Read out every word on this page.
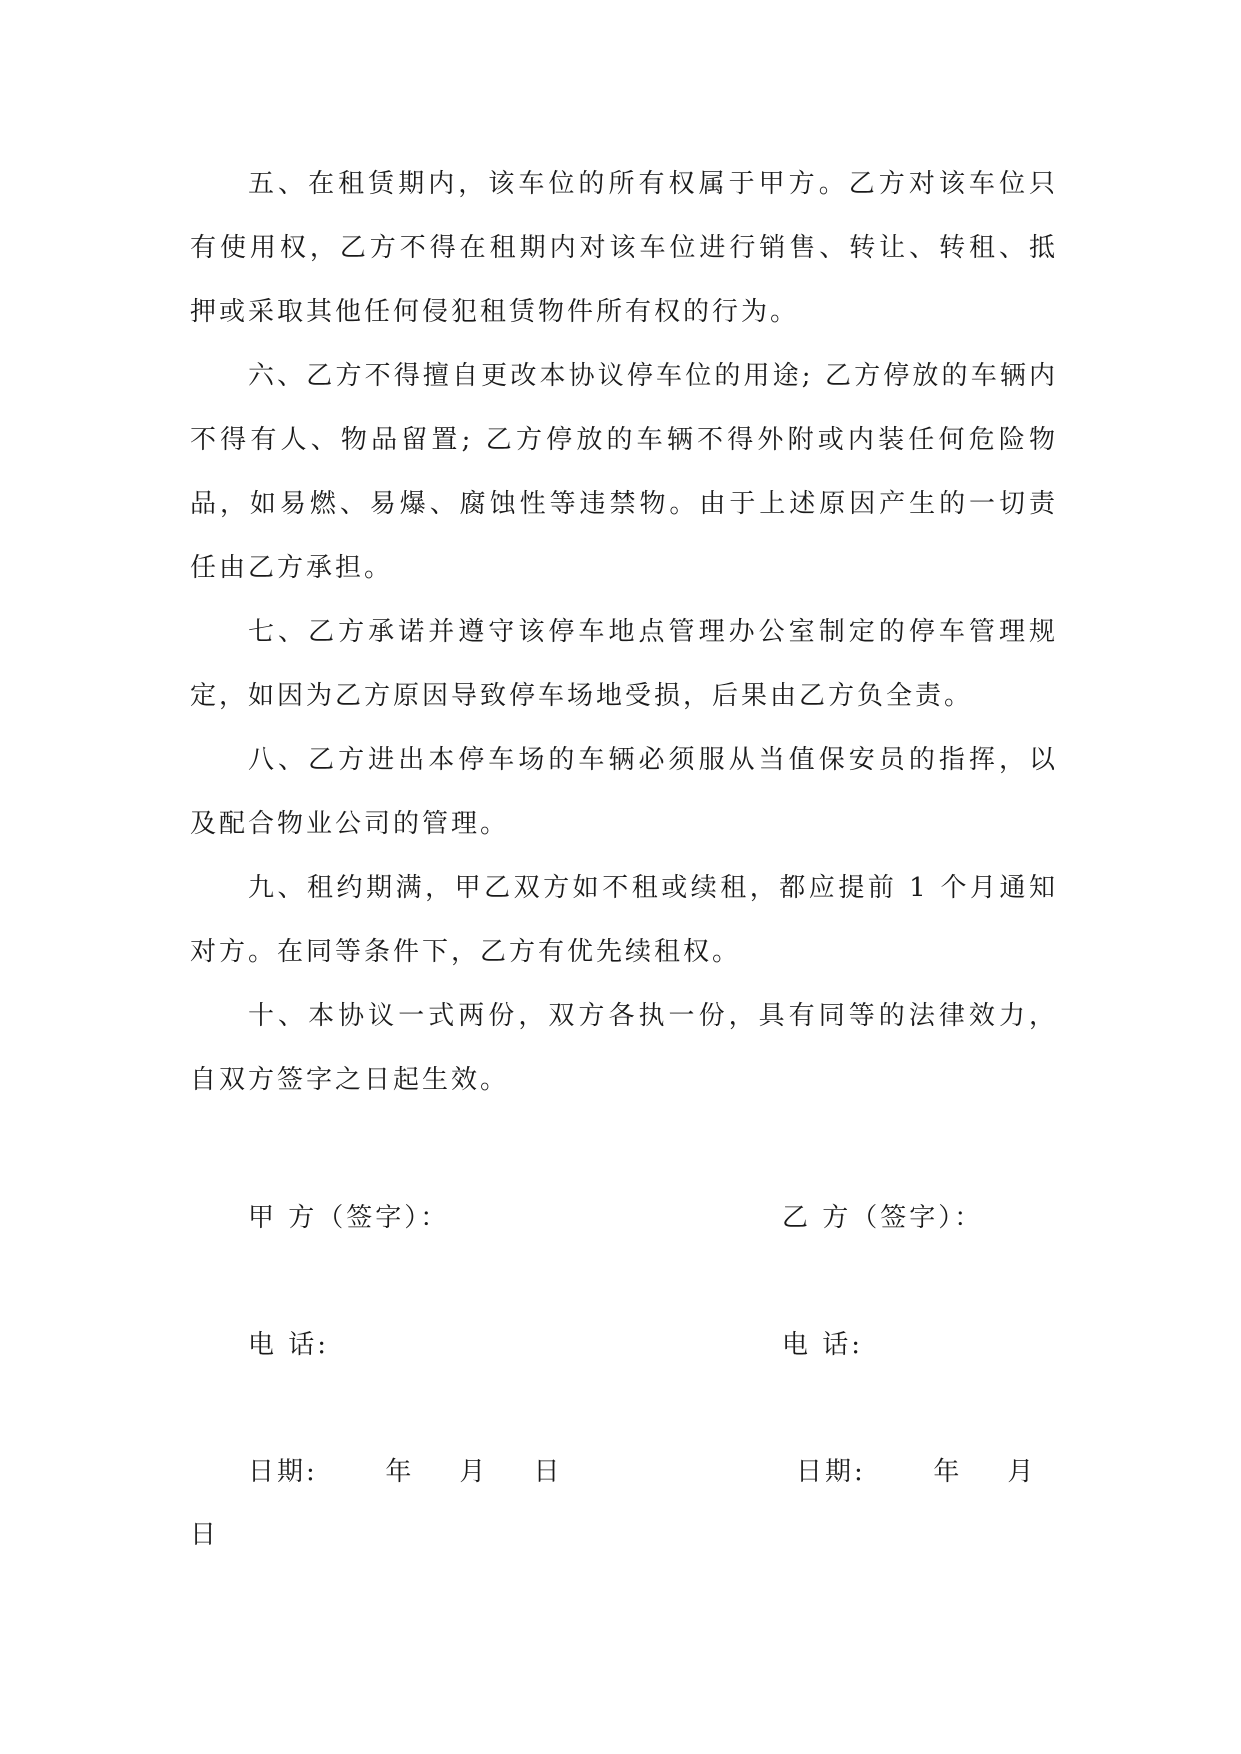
五、在租赁期内，该车位的所有权属于甲方。乙方对该车位只有使用权，乙方不得在租期内对该车位进行销售、转让、转租、抵押或采取其他任何侵犯租赁物件所有权的行为。

六、乙方不得擅自更改本协议停车位的用途; 乙方停放的车辆内不得有人、物品留置; 乙方停放的车辆不得外附或内装任何危险物品，如易燃、易爆、腐蚀性等违禁物。由于上述原因产生的一切责任由乙方承担。

七、乙方承诺并遵守该停车地点管理办公室制定的停车管理规定，如因为乙方原因导致停车场地受损，后果由乙方负全责。

八、乙方进出本停车场的车辆必须服从当值保安员的指挥，以及配合物业公司的管理。

九、租约期满，甲乙双方如不租或续租，都应提前 1 个月通知对方。在同等条件下，乙方有优先续租权。

十、本协议一式两份，双方各执一份，具有同等的法律效力，自双方签字之日起生效。

甲 方（签字）：	乙 方（签字）：

电 话:	电 话:

日期:      年    月    日	日期:      年    月

日
